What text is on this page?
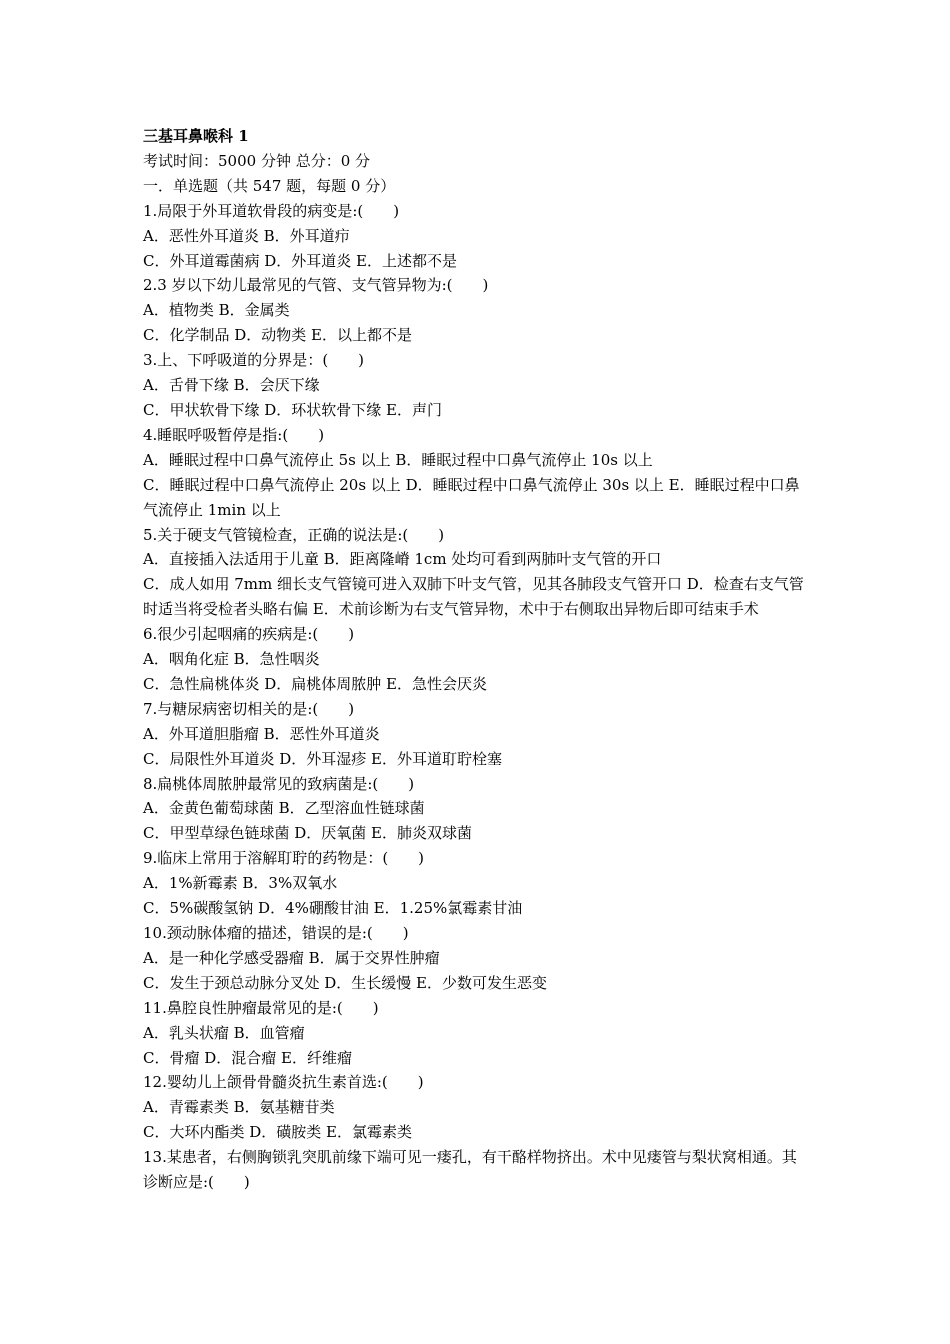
三基耳鼻喉科 1
考试时间：5000 分钟 总分：0 分
一．单选题（共 547 题，每题 0 分）
1.局限于外耳道软骨段的病变是:(　　)
A．恶性外耳道炎 B．外耳道疖
C．外耳道霉菌病 D．外耳道炎 E．上述都不是
2.3 岁以下幼儿最常见的气管、支气管异物为:(　　)
A．植物类 B．金属类
C．化学制品 D．动物类 E．以上都不是
3.上、下呼吸道的分界是：(　　)
A．舌骨下缘 B．会厌下缘
C．甲状软骨下缘 D．环状软骨下缘 E．声门
4.睡眠呼吸暂停是指:(　　)
A．睡眠过程中口鼻气流停止 5s 以上 B．睡眠过程中口鼻气流停止 10s 以上
C．睡眠过程中口鼻气流停止 20s 以上 D．睡眠过程中口鼻气流停止 30s 以上 E．睡眠过程中口鼻气流停止 1min 以上
5.关于硬支气管镜检查，正确的说法是:(　　)
A．直接插入法适用于儿童 B．距离隆嵴 1cm 处均可看到两肺叶支气管的开口
C．成人如用 7mm 细长支气管镜可进入双肺下叶支气管，见其各肺段支气管开口 D．检查右支气管时适当将受检者头略右偏 E．术前诊断为右支气管异物，术中于右侧取出异物后即可结束手术
6.很少引起咽痛的疾病是:(　　)
A．咽角化症 B．急性咽炎
C．急性扁桃体炎 D．扁桃体周脓肿 E．急性会厌炎
7.与糖尿病密切相关的是:(　　)
A．外耳道胆脂瘤 B．恶性外耳道炎
C．局限性外耳道炎 D．外耳湿疹 E．外耳道耵聍栓塞
8.扁桃体周脓肿最常见的致病菌是:(　　)
A．金黄色葡萄球菌 B．乙型溶血性链球菌
C．甲型草绿色链球菌 D．厌氧菌 E．肺炎双球菌
9.临床上常用于溶解耵聍的药物是：(　　)
A．1%新霉素 B．3%双氧水
C．5%碳酸氢钠 D．4%硼酸甘油 E．1.25%氯霉素甘油
10.颈动脉体瘤的描述，错误的是:(　　)
A．是一种化学感受器瘤 B．属于交界性肿瘤
C．发生于颈总动脉分叉处 D．生长缓慢 E．少数可发生恶变
11.鼻腔良性肿瘤最常见的是:(　　)
A．乳头状瘤 B．血管瘤
C．骨瘤 D．混合瘤 E．纤维瘤
12.婴幼儿上颌骨骨髓炎抗生素首选:(　　)
A．青霉素类 B．氨基糖苷类
C．大环内酯类 D．磺胺类 E．氯霉素类
13.某患者，右侧胸锁乳突肌前缘下端可见一瘘孔，有干酪样物挤出。术中见瘘管与梨状窝相通。其诊断应是:(　　)
